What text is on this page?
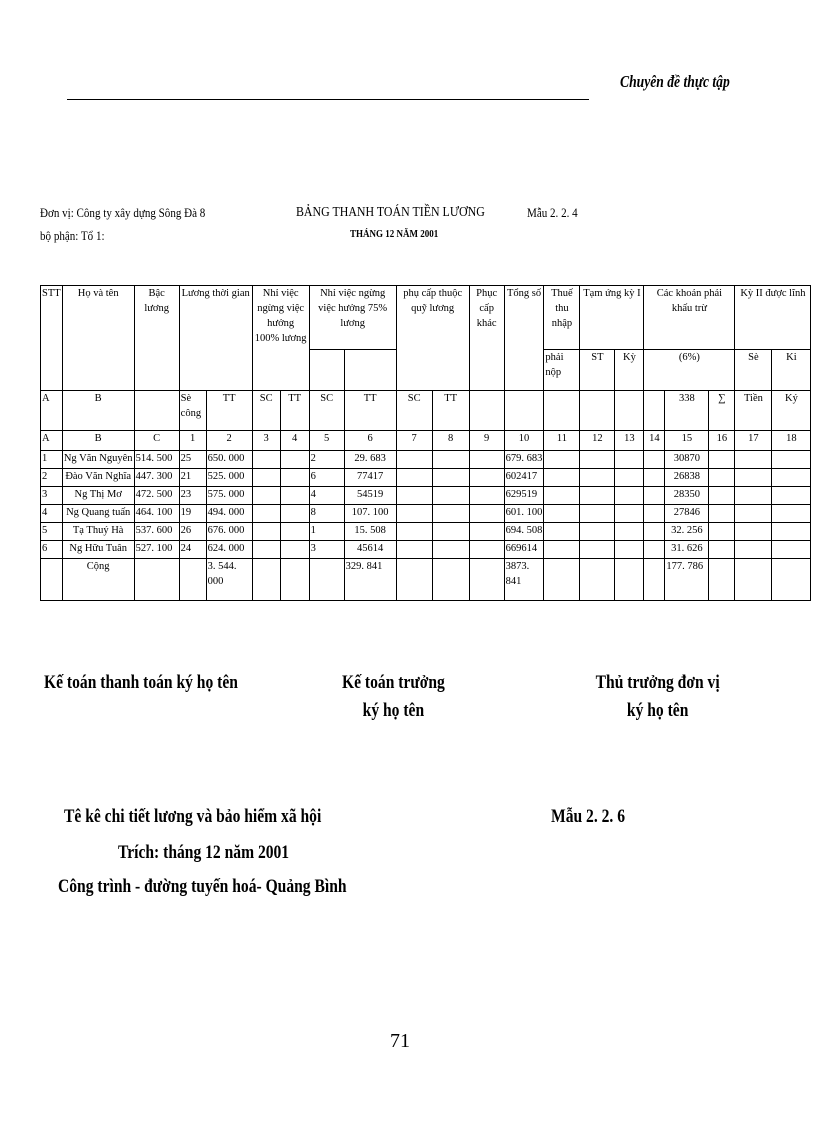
Chuyên đề thực tập
Đơn vị: Công ty xây dựng Sông Đà 8
bộ phận: Tổ 1:
BẢNG THANH TOÁN TIỀN LƯƠNG	Mẫu 2. 2. 4
THÁNG 12 NĂM 2001
STT	Họ và tên	Bậc lương	Lương thời gian		Nhỉ việc ngừng việc hưởng 100% lương		Nhỉ việc ngừng việc hưởng 75% lương		phụ cấp thuộc quỹ lương		Phục cấp khác	Tổng số	Thuế thu nhập	Tạm ứng kỳ I		Các khoản phải khấu trừ			Kỳ II được lĩnh	
													phải nộp	ST	Kỳ	(6%)			Sè	Ki
A	B		Sè công	TT	SC	TT	SC	TT	SC	TT							338	∑	Tiền	Ký
A	B	C	1	2	3	4	5	6	7	8	9	10	11	12	13	14	15	16	17	18
1	Ng Văn Nguyên	514. 500	25	650. 000			2	29. 683				679. 683					30870			
2	Đào Văn Nghĩa	447. 300	21	525. 000			6	77417				602417					26838			
3	Ng Thị Mơ	472. 500	23	575. 000			4	54519				629519					28350			
4	Ng Quang tuấn	464. 100	19	494. 000			8	107. 100				601. 100					27846			
5	Tạ Thuý Hà	537. 600	26	676. 000			1	15. 508				694. 508					32. 256			
6	Ng Hữu Tuân	527. 100	24	624. 000			3	45614				669614					31. 626			
	Cộng			3. 544. 000				329. 841				3873. 841					177. 786			
Kế toán thanh toán ký họ tên	Kế toán trưởng
ký họ tên
Thủ trưởng đơn vị
ký họ tên
Tê kê chi tiết lương và bảo hiểm xã hội	Mẫu 2. 2. 6
Trích: tháng 12 năm 2001
Công trình - đường tuyến hoá- Quảng Bình
71
